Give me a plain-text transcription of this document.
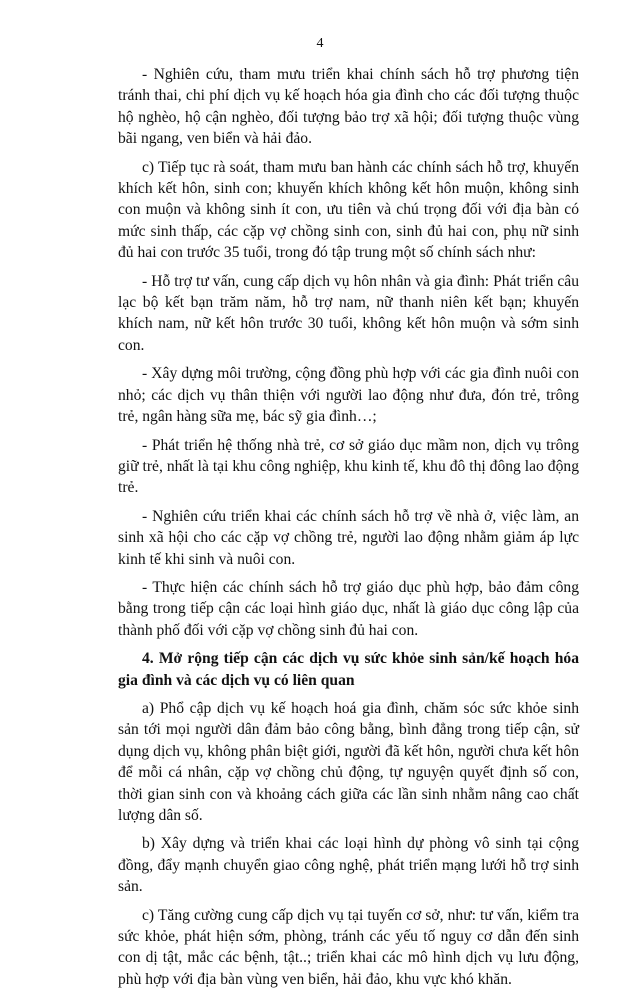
4

- Nghiên cứu, tham mưu triển khai chính sách hỗ trợ phương tiện tránh thai, chi phí dịch vụ kế hoạch hóa gia đình cho các đối tượng thuộc hộ nghèo, hộ cận nghèo, đối tượng bảo trợ xã hội; đối tượng thuộc vùng bãi ngang, ven biển và hải đảo.

c) Tiếp tục rà soát, tham mưu ban hành các chính sách hỗ trợ, khuyến khích kết hôn, sinh con; khuyến khích không kết hôn muộn, không sinh con muộn và không sinh ít con, ưu tiên và chú trọng đối với địa bàn có mức sinh thấp, các cặp vợ chồng sinh con, sinh đủ hai con, phụ nữ sinh đủ hai con trước 35 tuổi, trong đó tập trung một số chính sách như:

- Hỗ trợ tư vấn, cung cấp dịch vụ hôn nhân và gia đình: Phát triển câu lạc bộ kết bạn trăm năm, hỗ trợ nam, nữ thanh niên kết bạn; khuyến khích nam, nữ kết hôn trước 30 tuổi, không kết hôn muộn và sớm sinh con.

- Xây dựng môi trường, cộng đồng phù hợp với các gia đình nuôi con nhỏ; các dịch vụ thân thiện với người lao động như đưa, đón trẻ, trông trẻ, ngân hàng sữa mẹ, bác sỹ gia đình…;

- Phát triển hệ thống nhà trẻ, cơ sở giáo dục mầm non, dịch vụ trông giữ trẻ, nhất là tại khu công nghiệp, khu kinh tế, khu đô thị đông lao động trẻ.

- Nghiên cứu triển khai các chính sách hỗ trợ về nhà ở, việc làm, an sinh xã hội cho các cặp vợ chồng trẻ, người lao động nhằm giảm áp lực kinh tế khi sinh và nuôi con.

- Thực hiện các chính sách hỗ trợ giáo dục phù hợp, bảo đảm công bằng trong tiếp cận các loại hình giáo dục, nhất là giáo dục công lập của thành phố đối với cặp vợ chồng sinh đủ hai con.

4. Mở rộng tiếp cận các dịch vụ sức khỏe sinh sản/kế hoạch hóa gia đình và các dịch vụ có liên quan

a) Phổ cập dịch vụ kế hoạch hoá gia đình, chăm sóc sức khỏe sinh sản tới mọi người dân đảm bảo công bằng, bình đẳng trong tiếp cận, sử dụng dịch vụ, không phân biệt giới, người đã kết hôn, người chưa kết hôn để mỗi cá nhân, cặp vợ chồng chủ động, tự nguyện quyết định số con, thời gian sinh con và khoảng cách giữa các lần sinh nhằm nâng cao chất lượng dân số.

b) Xây dựng và triển khai các loại hình dự phòng vô sinh tại cộng đồng, đẩy mạnh chuyển giao công nghệ, phát triển mạng lưới hỗ trợ sinh sản.

c) Tăng cường cung cấp dịch vụ tại tuyến cơ sở, như: tư vấn, kiểm tra sức khỏe, phát hiện sớm, phòng, tránh các yếu tố nguy cơ dẫn đến sinh con dị tật, mắc các bệnh, tật..; triển khai các mô hình dịch vụ lưu động, phù hợp với địa bàn vùng ven biển, hải đảo, khu vực khó khăn.
